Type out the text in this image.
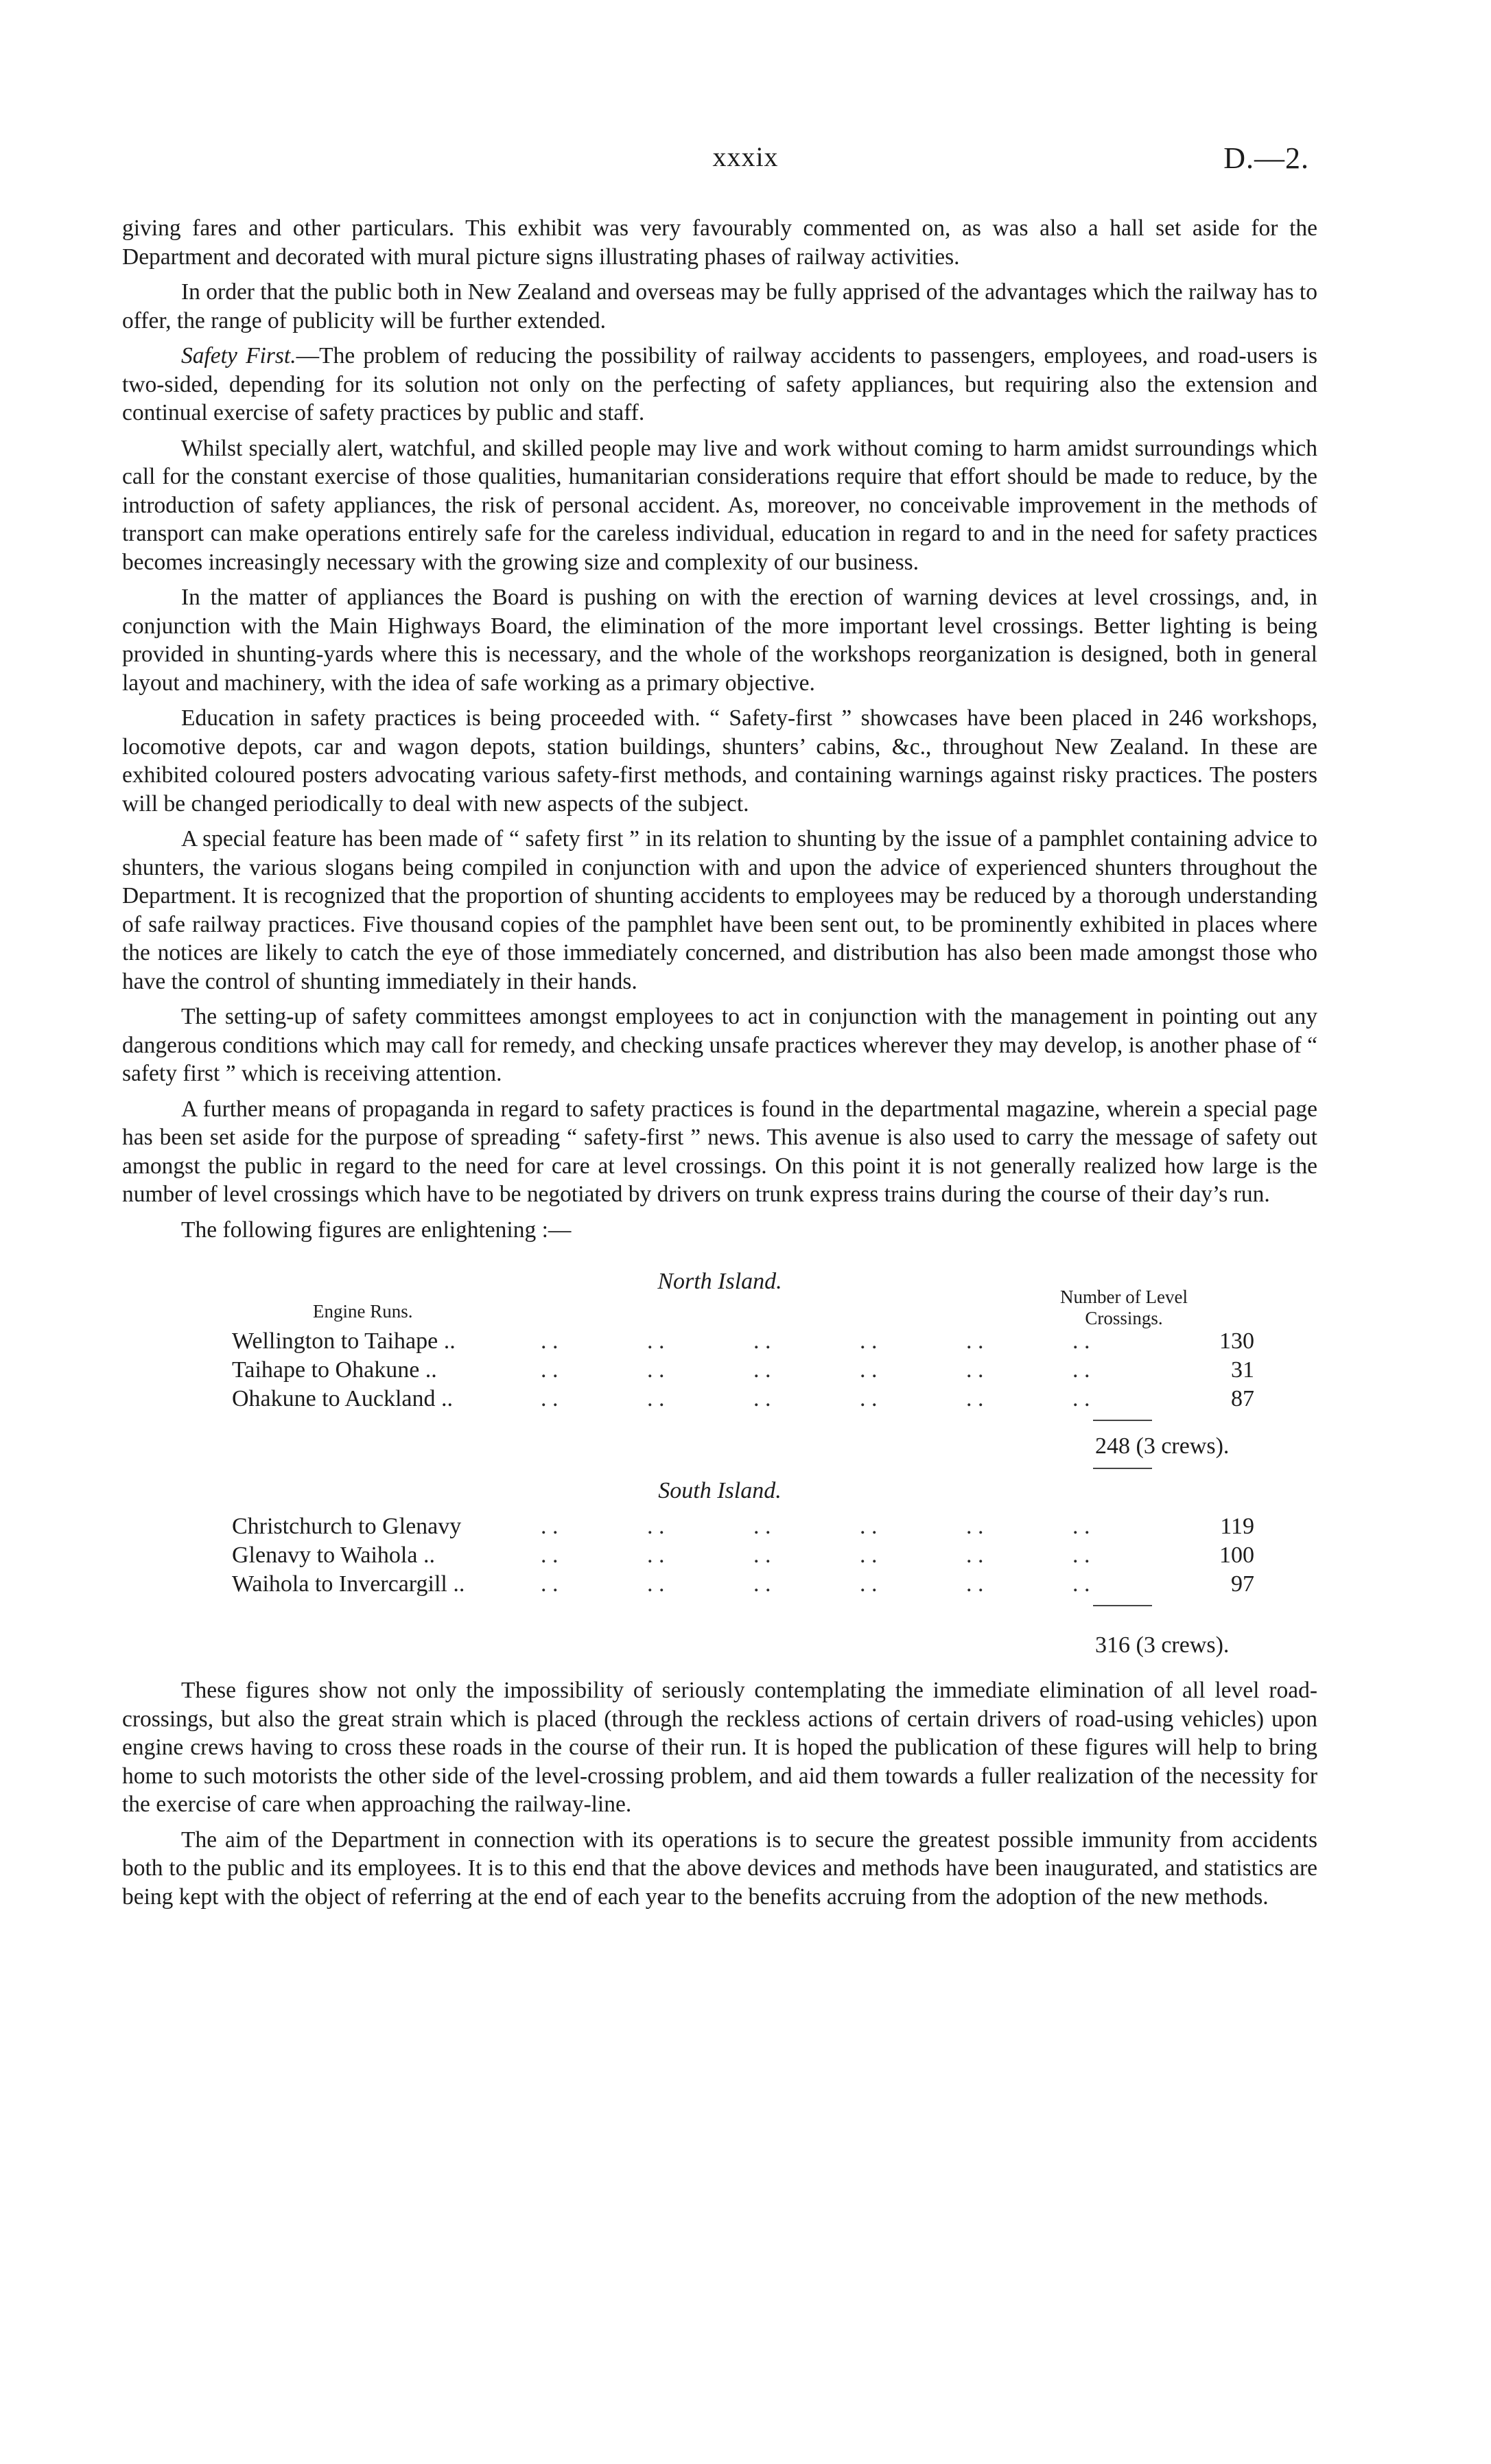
xxxix	D.—2.

giving fares and other particulars. This exhibit was very favourably commented on, as was also a hall set aside for the Department and decorated with mural picture signs illustrating phases of railway activities.

In order that the public both in New Zealand and overseas may be fully apprised of the advantages which the railway has to offer, the range of publicity will be further extended.

Safety First.—The problem of reducing the possibility of railway accidents to passengers, employees, and road-users is two-sided, depending for its solution not only on the perfecting of safety appliances, but requiring also the extension and continual exercise of safety practices by public and staff.

Whilst specially alert, watchful, and skilled people may live and work without coming to harm amidst surroundings which call for the constant exercise of those qualities, humanitarian considerations require that effort should be made to reduce, by the introduction of safety appliances, the risk of personal accident. As, moreover, no conceivable improvement in the methods of transport can make operations entirely safe for the careless individual, education in regard to and in the need for safety practices becomes increasingly necessary with the growing size and complexity of our business.

In the matter of appliances the Board is pushing on with the erection of warning devices at level crossings, and, in conjunction with the Main Highways Board, the elimination of the more important level crossings. Better lighting is being provided in shunting-yards where this is necessary, and the whole of the workshops reorganization is designed, both in general layout and machinery, with the idea of safe working as a primary objective.

Education in safety practices is being proceeded with. “ Safety-first ” showcases have been placed in 246 workshops, locomotive depots, car and wagon depots, station buildings, shunters’ cabins, &c., throughout New Zealand. In these are exhibited coloured posters advocating various safety-first methods, and containing warnings against risky practices. The posters will be changed periodically to deal with new aspects of the subject.

A special feature has been made of “ safety first ” in its relation to shunting by the issue of a pamphlet containing advice to shunters, the various slogans being compiled in conjunction with and upon the advice of experienced shunters throughout the Department. It is recognized that the proportion of shunting accidents to employees may be reduced by a thorough understanding of safe railway practices. Five thousand copies of the pamphlet have been sent out, to be prominently exhibited in places where the notices are likely to catch the eye of those immediately concerned, and distribution has also been made amongst those who have the control of shunting immediately in their hands.

The setting-up of safety committees amongst employees to act in conjunction with the management in pointing out any dangerous conditions which may call for remedy, and checking unsafe practices wherever they may develop, is another phase of “ safety first ” which is receiving attention.

A further means of propaganda in regard to safety practices is found in the departmental magazine, wherein a special page has been set aside for the purpose of spreading “ safety-first ” news. This avenue is also used to carry the message of safety out amongst the public in regard to the need for care at level crossings. On this point it is not generally realized how large is the number of level crossings which have to be negotiated by drivers on trunk express trains during the course of their day’s run.

The following figures are enlightening :—

North Island.
Engine Runs.
Number of Level Crossings.
Wellington to Taihape ..	. .	. .	. .	. .	. .	. .	130
Taihape to Ohakune ..	. .	. .	. .	. .	. .	. .	31
Ohakune to Auckland ..	. .	. .	. .	. .	. .	. .	87
248 (3 crews).
South Island.
Christchurch to Glenavy	. .	. .	. .	. .	. .	. .	119
Glenavy to Waihola ..	. .	. .	. .	. .	. .	. .	100
Waihola to Invercargill ..	. .	. .	. .	. .	. .	. .	97
316 (3 crews).

These figures show not only the impossibility of seriously contemplating the immediate elimination of all level road-crossings, but also the great strain which is placed (through the reckless actions of certain drivers of road-using vehicles) upon engine crews having to cross these roads in the course of their run. It is hoped the publication of these figures will help to bring home to such motorists the other side of the level-crossing problem, and aid them towards a fuller realization of the necessity for the exercise of care when approaching the railway-line.

The aim of the Department in connection with its operations is to secure the greatest possible immunity from accidents both to the public and its employees. It is to this end that the above devices and methods have been inaugurated, and statistics are being kept with the object of referring at the end of each year to the benefits accruing from the adoption of the new methods.
